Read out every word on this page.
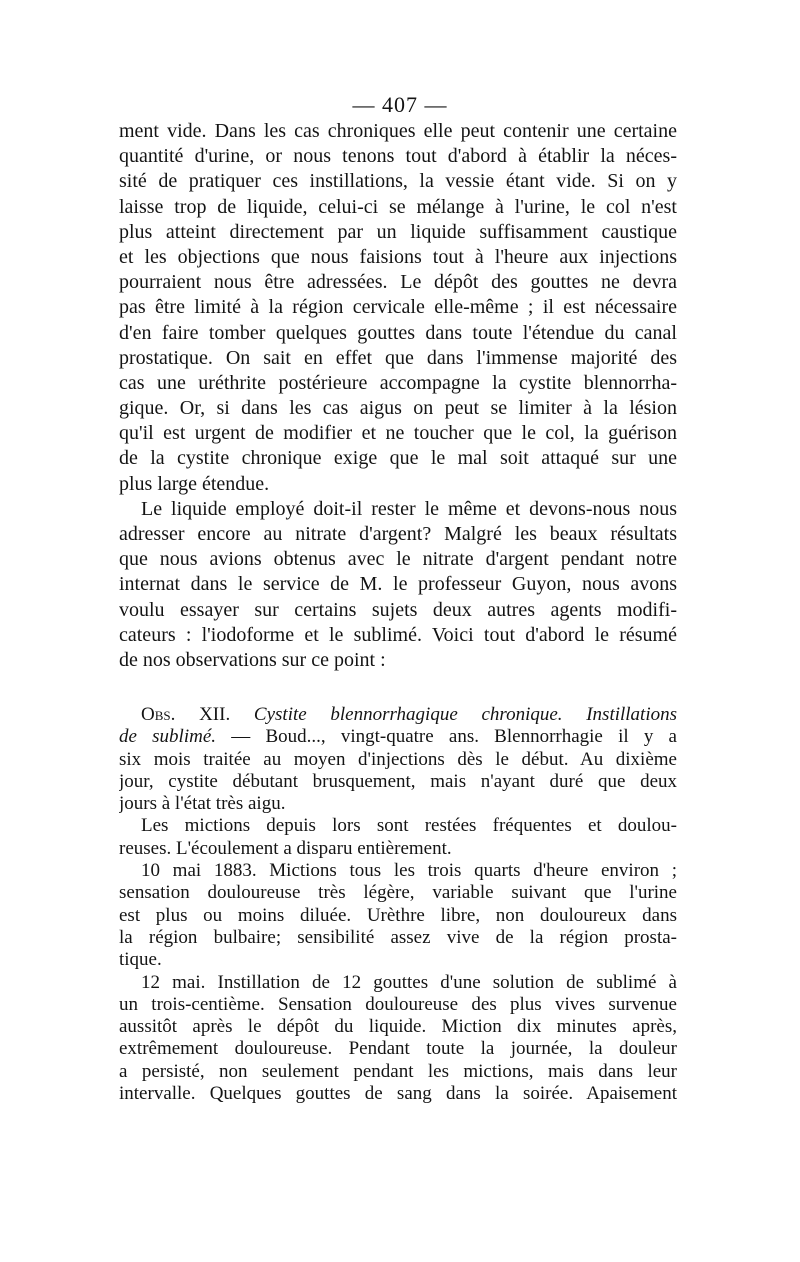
— 407 —
ment vide. Dans les cas chroniques elle peut contenir une certaine
quantité d'urine, or nous tenons tout d'abord à établir la néces-
sité de pratiquer ces instillations, la vessie étant vide. Si on y
laisse trop de liquide, celui-ci se mélange à l'urine, le col n'est
plus atteint directement par un liquide suffisamment caustique
et les objections que nous faisions tout à l'heure aux injections
pourraient nous être adressées. Le dépôt des gouttes ne devra
pas être limité à la région cervicale elle-même ; il est nécessaire
d'en faire tomber quelques gouttes dans toute l'étendue du canal
prostatique. On sait en effet que dans l'immense majorité des
cas une uréthrite postérieure accompagne la cystite blennorrha-
gique. Or, si dans les cas aigus on peut se limiter à la lésion
qu'il est urgent de modifier et ne toucher que le col, la guérison
de la cystite chronique exige que le mal soit attaqué sur une
plus large étendue.
Le liquide employé doit-il rester le même et devons-nous nous
adresser encore au nitrate d'argent? Malgré les beaux résultats
que nous avions obtenus avec le nitrate d'argent pendant notre
internat dans le service de M. le professeur Guyon, nous avons
voulu essayer sur certains sujets deux autres agents modifi-
cateurs : l'iodoforme et le sublimé. Voici tout d'abord le résumé
de nos observations sur ce point :
Obs. XII. Cystite blennorrhagique chronique. Instillations
de sublimé. — Boud..., vingt-quatre ans. Blennorrhagie il y a
six mois traitée au moyen d'injections dès le début. Au dixième
jour, cystite débutant brusquement, mais n'ayant duré que deux
jours à l'état très aigu.
Les mictions depuis lors sont restées fréquentes et doulou-
reuses. L'écoulement a disparu entièrement.
10 mai 1883. Mictions tous les trois quarts d'heure environ ;
sensation douloureuse très légère, variable suivant que l'urine
est plus ou moins diluée. Urèthre libre, non douloureux dans
la région bulbaire; sensibilité assez vive de la région prosta-
tique.
12 mai. Instillation de 12 gouttes d'une solution de sublimé à
un trois-centième. Sensation douloureuse des plus vives survenue
aussitôt après le dépôt du liquide. Miction dix minutes après,
extrêmement douloureuse. Pendant toute la journée, la douleur
a persisté, non seulement pendant les mictions, mais dans leur
intervalle. Quelques gouttes de sang dans la soirée. Apaisement
